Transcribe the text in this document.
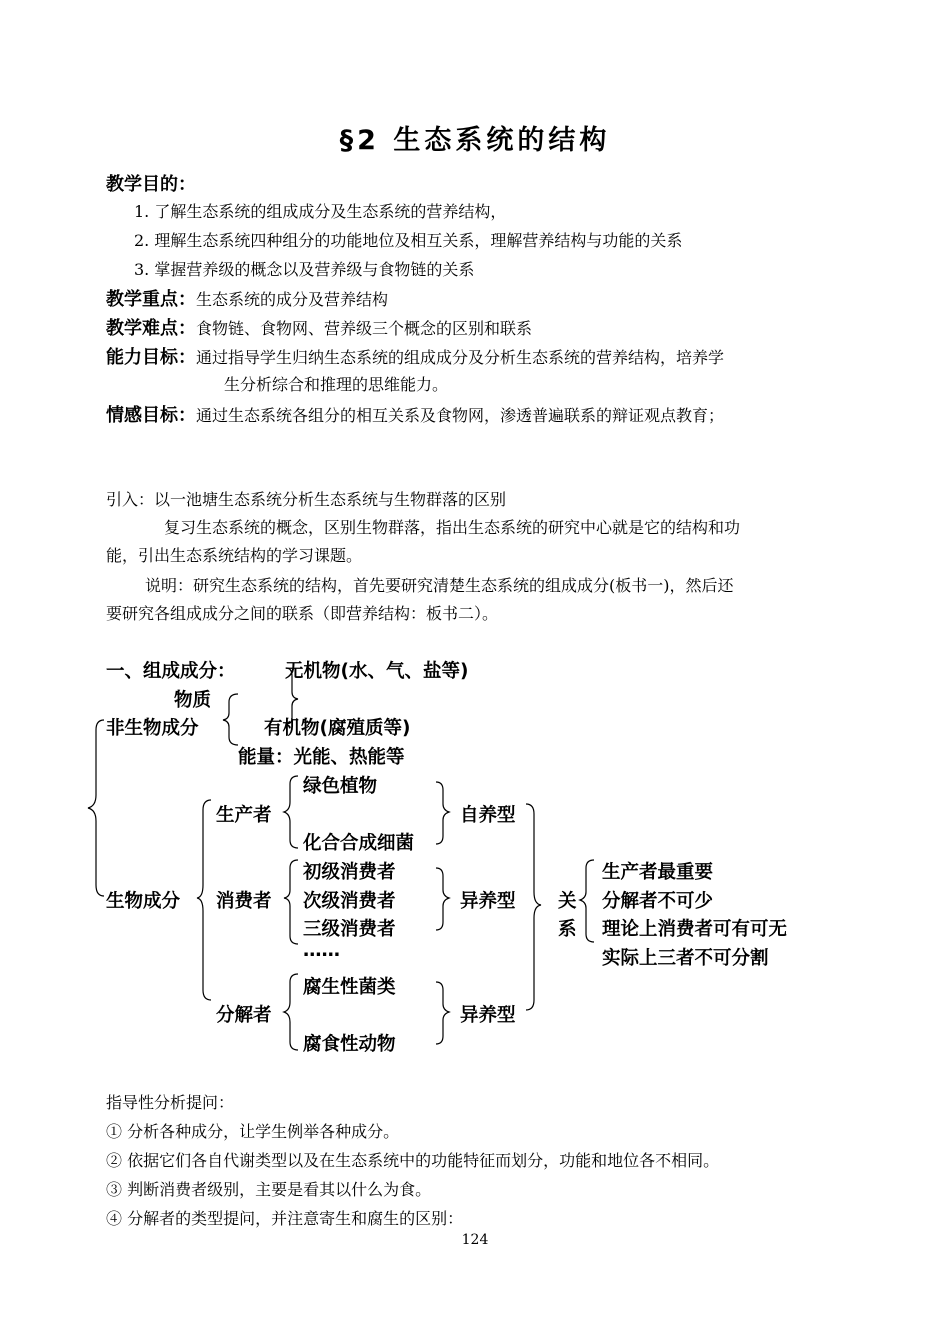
§2 生态系统的结构
教学目的：
1. 了解生态系统的组成成分及生态系统的营养结构，
2. 理解生态系统四种组分的功能地位及相互关系，理解营养结构与功能的关系
3. 掌握营养级的概念以及营养级与食物链的关系
教学重点：生态系统的成分及营养结构
教学难点：食物链、食物网、营养级三个概念的区别和联系
能力目标：通过指导学生归纳生态系统的组成成分及分析生态系统的营养结构，培养学
生分析综合和推理的思维能力。
情感目标：通过生态系统各组分的相互关系及食物网，渗透普遍联系的辩证观点教育；
引入：以一池塘生态系统分析生态系统与生物群落的区别
复习生态系统的概念，区别生物群落，指出生态系统的研究中心就是它的结构和功
能，引出生态系统结构的学习课题。
说明：研究生态系统的结构，首先要研究清楚生态系统的组成成分(板书一)，然后还
要研究各组成成分之间的联系（即营养结构：板书二）。
一、组成成分：	无机物(水、气、盐等)
物质
非生物成分	有机物(腐殖质等)
能量：光能、热能等
绿色植物
生产者	自养型
化合合成细菌
初级消费者
生物成分 消费者 次级消费者	异养型 关
三级消费者	系
……
生产者最重要
分解者不可少
理论上消费者可有可无
实际上三者不可分割
腐生性菌类
分解者	异养型
腐食性动物
指导性分析提问：
① 分析各种成分，让学生例举各种成分。
② 依据它们各自代谢类型以及在生态系统中的功能特征而划分，功能和地位各不相同。
③ 判断消费者级别，主要是看其以什么为食。
④ 分解者的类型提问，并注意寄生和腐生的区别：
124
